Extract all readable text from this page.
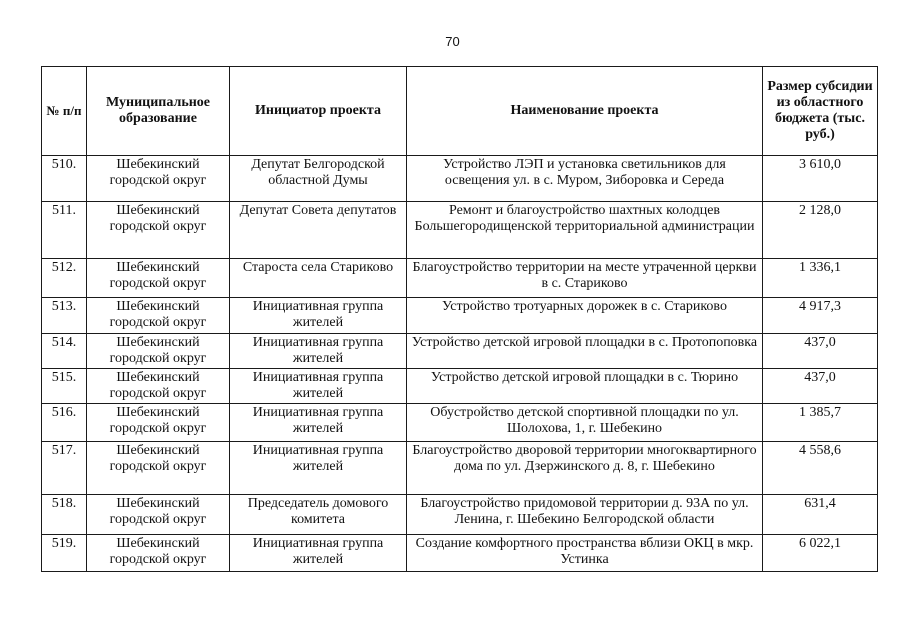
70
№ п/п	Муниципальное образование	Инициатор проекта	Наименование проекта	Размер субсидии из областного бюджета (тыс. руб.)
510.	Шебекинский городской округ	Депутат Белгородской областной Думы	Устройство ЛЭП и установка светильников для освещения ул. в с. Муром, Зиборовка и Середа	3 610,0
511.	Шебекинский городской округ	Депутат Совета депутатов	Ремонт и благоустройство шахтных колодцев Большегородищенской территориальной администрации	2 128,0
512.	Шебекинский городской округ	Староста села Стариково	Благоустройство территории на месте утраченной церкви в с. Стариково	1 336,1
513.	Шебекинский городской округ	Инициативная группа жителей	Устройство тротуарных дорожек в с. Стариково	4 917,3
514.	Шебекинский городской округ	Инициативная группа жителей	Устройство детской игровой площадки в с. Протопоповка	437,0
515.	Шебекинский городской округ	Инициативная группа жителей	Устройство детской игровой площадки в с. Тюрино	437,0
516.	Шебекинский городской округ	Инициативная группа жителей	Обустройство детской спортивной площадки по ул. Шолохова, 1, г. Шебекино	1 385,7
517.	Шебекинский городской округ	Инициативная группа жителей	Благоустройство дворовой территории многоквартирного дома по ул. Дзержинского д. 8, г. Шебекино	4 558,6
518.	Шебекинский городской округ	Председатель домового комитета	Благоустройство придомовой территории д. 93А по ул. Ленина, г. Шебекино Белгородской области	631,4
519.	Шебекинский городской округ	Инициативная группа жителей	Создание комфортного пространства вблизи ОКЦ в мкр. Устинка	6 022,1
